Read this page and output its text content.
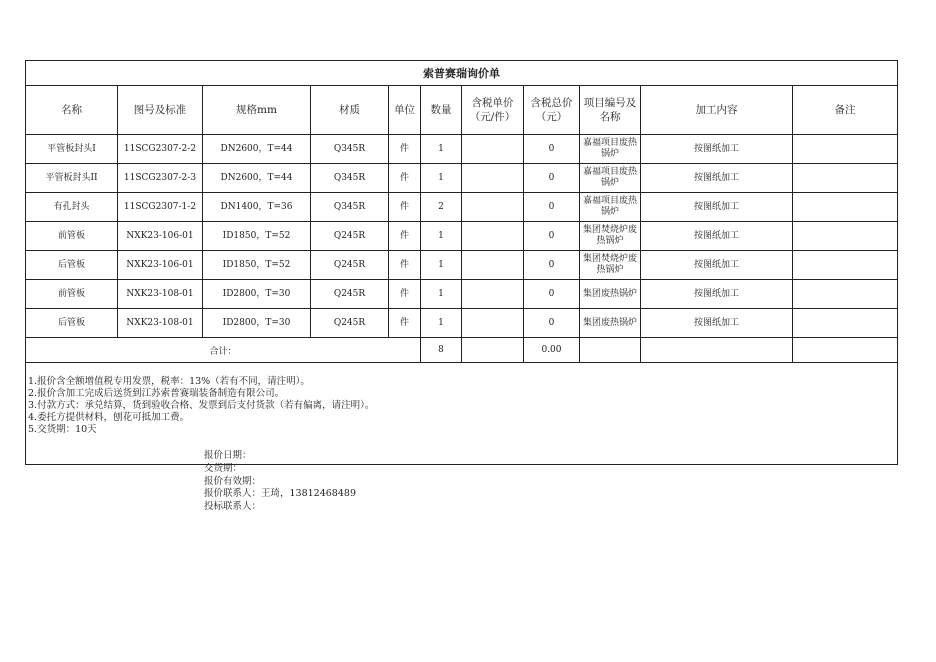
索普赛瑞询价单										
名称	图号及标准	规格mm	材质	单位	数量	含税单价（元/件）	含税总价（元）	项目编号及名称	加工内容	备注
平管板封头I	11SCG2307-2-2	DN2600，T=44	Q345R	件	1		0	嘉福项目废热锅炉	按图纸加工	
平管板封头II	11SCG2307-2-3	DN2600，T=44	Q345R	件	1		0	嘉福项目废热锅炉	按图纸加工	
有孔封头	11SCG2307-1-2	DN1400，T=36	Q345R	件	2		0	嘉福项目废热锅炉	按图纸加工	
前管板	NXK23-106-01	ID1850，T=52	Q245R	件	1		0	集团焚烧炉废热锅炉	按图纸加工	
后管板	NXK23-106-01	ID1850，T=52	Q245R	件	1		0	集团焚烧炉废热锅炉	按图纸加工	
前管板	NXK23-108-01	ID2800，T=30	Q245R	件	1		0	集团废热锅炉	按图纸加工	
后管板	NXK23-108-01	ID2800，T=30	Q245R	件	1		0	集团废热锅炉	按图纸加工	
合计：					8		0.00			

1.报价含全额增值税专用发票，税率：13%（若有不同，请注明）。
2.报价含加工完成后送货到江苏索普赛瑞装备制造有限公司。
3.付款方式：承兑结算，货到验收合格、发票到后支付货款（若有偏离，请注明）。
4.委托方提供材料，刨花可抵加工费。
5.交货期：10天										
报价日期：
交货期：
报价有效期：
报价联系人：王琦，13812468489
投标联系人：
